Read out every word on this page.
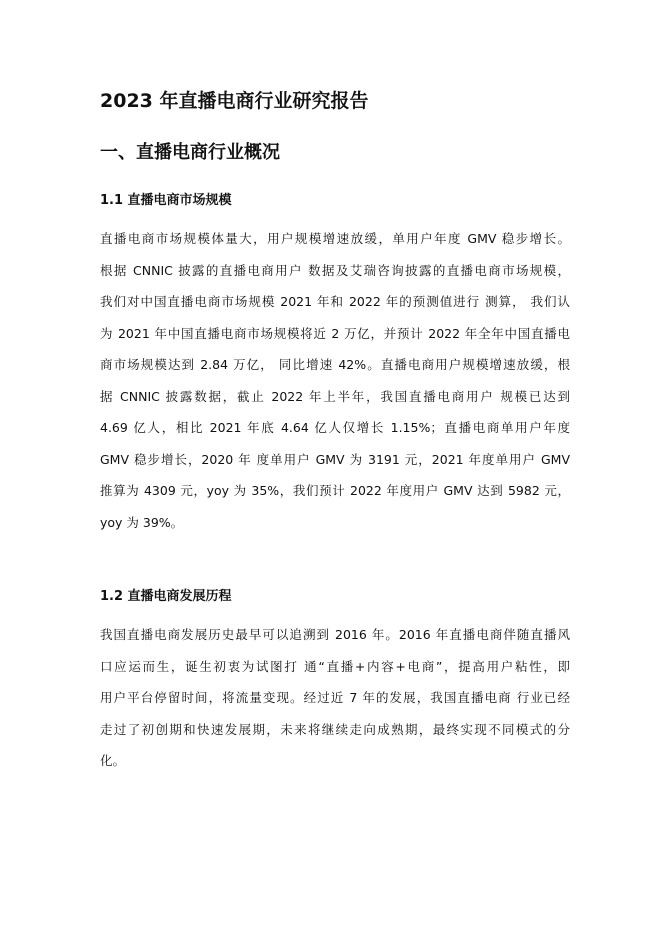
2023 年直播电商行业研究报告
一、直播电商行业概况
1.1 直播电商市场规模
直播电商市场规模体量大，用户规模增速放缓，单用户年度 GMV 稳步增长。
根据 CNNIC 披露的直播电商用户 数据及艾瑞咨询披露的直播电商市场规模，
我们对中国直播电商市场规模 2021 年和 2022 年的预测值进行 测算， 我们认
为 2021 年中国直播电商市场规模将近 2 万亿，并预计 2022 年全年中国直播电
商市场规模达到 2.84 万亿， 同比增速 42%。直播电商用户规模增速放缓，根
据 CNNIC 披露数据，截止 2022 年上半年，我国直播电商用户 规模已达到
4.69 亿人，相比 2021 年底 4.64 亿人仅增长 1.15%；直播电商单用户年度
GMV 稳步增长，2020 年 度单用户 GMV 为 3191 元，2021 年度单用户 GMV
推算为 4309 元，yoy 为 35%，我们预计 2022 年度用户 GMV 达到 5982 元，
yoy 为 39%。
1.2 直播电商发展历程
我国直播电商发展历史最早可以追溯到 2016 年。2016 年直播电商伴随直播风
口应运而生，诞生初衷为试图打 通“直播+内容+电商”，提高用户粘性，即
用户平台停留时间，将流量变现。经过近 7 年的发展，我国直播电商 行业已经
走过了初创期和快速发展期，未来将继续走向成熟期，最终实现不同模式的分
化。
